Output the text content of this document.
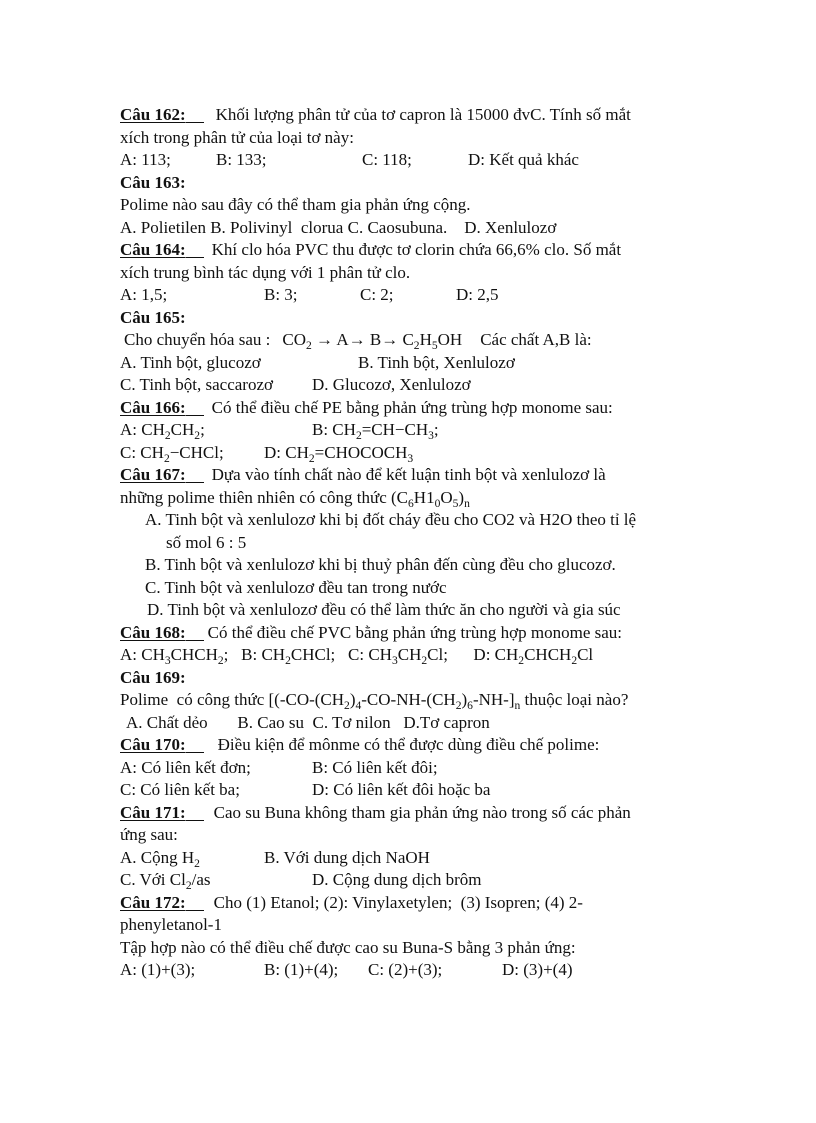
Câu 162: Khối lượng phân tử của tơ capron là 15000 đvC. Tính số mắt
xích trong phân tử của loại tơ này:
A: 113;	B: 133;	C: 118;	D: Kết quả khác
Câu 163:
Polime nào sau đây có thể tham gia phản ứng cộng.
A. Polietilen B. Polivinyl  clorua C. Caosubuna.    D. Xenlulozơ
Câu 164: Khí clo hóa PVC thu được tơ clorin chứa 66,6% clo. Số mắt
xích trung bình tác dụng với 1 phân tử clo.
A: 1,5;	B: 3;	C: 2;	D: 2,5
Câu 165:
Cho chuyển hóa sau : $CO_2 \to A\to B\to C_2H_5OH$ Các chất A,B là:
A. Tinh bột, glucozơ	B. Tinh bột, Xenlulozơ
C. Tinh bột, saccarozơ D. Glucozơ, Xenlulozơ
Câu 166: Có thể điều chế PE bằng phản ứng trùng hợp monome sau:
A: $CH_2CH_2$;	B: $CH_2=CH-CH_3$;
C: $CH_2-CHCl$; D: $CH_2=CHOCOCH_3$
Câu 167: Dựa vào tính chất nào để kết luận tinh bột và xenlulozơ là
những polime thiên nhiên có công thức $(C_6H1_0O_5)_n$
A. Tinh bột và xenlulozơ khi bị đốt cháy đều cho CO2 và H2O theo tỉ lệ
số mol 6 : 5
B. Tinh bột và xenlulozơ khi bị thuỷ phân đến cùng đều cho glucozơ.
C. Tinh bột và xenlulozơ đều tan trong nước
D. Tinh bột và xenlulozơ đều có thể làm thức ăn cho người và gia súc
Câu 168: Có thể điều chế PVC bằng phản ứng trùng hợp monome sau:
A: $CH_3CHCH_2$;   B: $CH_2CHCl$;   C: $CH_3CH_2Cl$;      D: $CH_2CHCH_2Cl$
Câu 169:
Polime  có công thức [$(-CO-(CH_2)_4-CO-NH-(CH_2)_6-NH-]_n$ thuộc loại nào?
A. Chất dẻo       B. Cao su  C. Tơ nilon   D.Tơ capron
Câu 170: Điều kiện để mônme có thể được dùng điều chế polime:
A: Có liên kết đơn;	B: Có liên kết đôi;
C: Có liên kết ba;	D: Có liên kết đôi hoặc ba
Câu 171: Cao su Buna không tham gia phản ứng nào trong số các phản
ứng sau:
A. Cộng $H_2$	B. Với dung dịch NaOH
C. Với $Cl_2/as$	D. Cộng dung dịch brôm
Câu 172: Cho (1) Etanol; (2): Vinylaxetylen;  (3) Isopren; (4) 2-
phenyletanol-1
Tập hợp nào có thể điều chế được cao su Buna-S bằng 3 phản ứng:
A: (1)+(3);	B: (1)+(4); C: (2)+(3);	D: (3)+(4)
